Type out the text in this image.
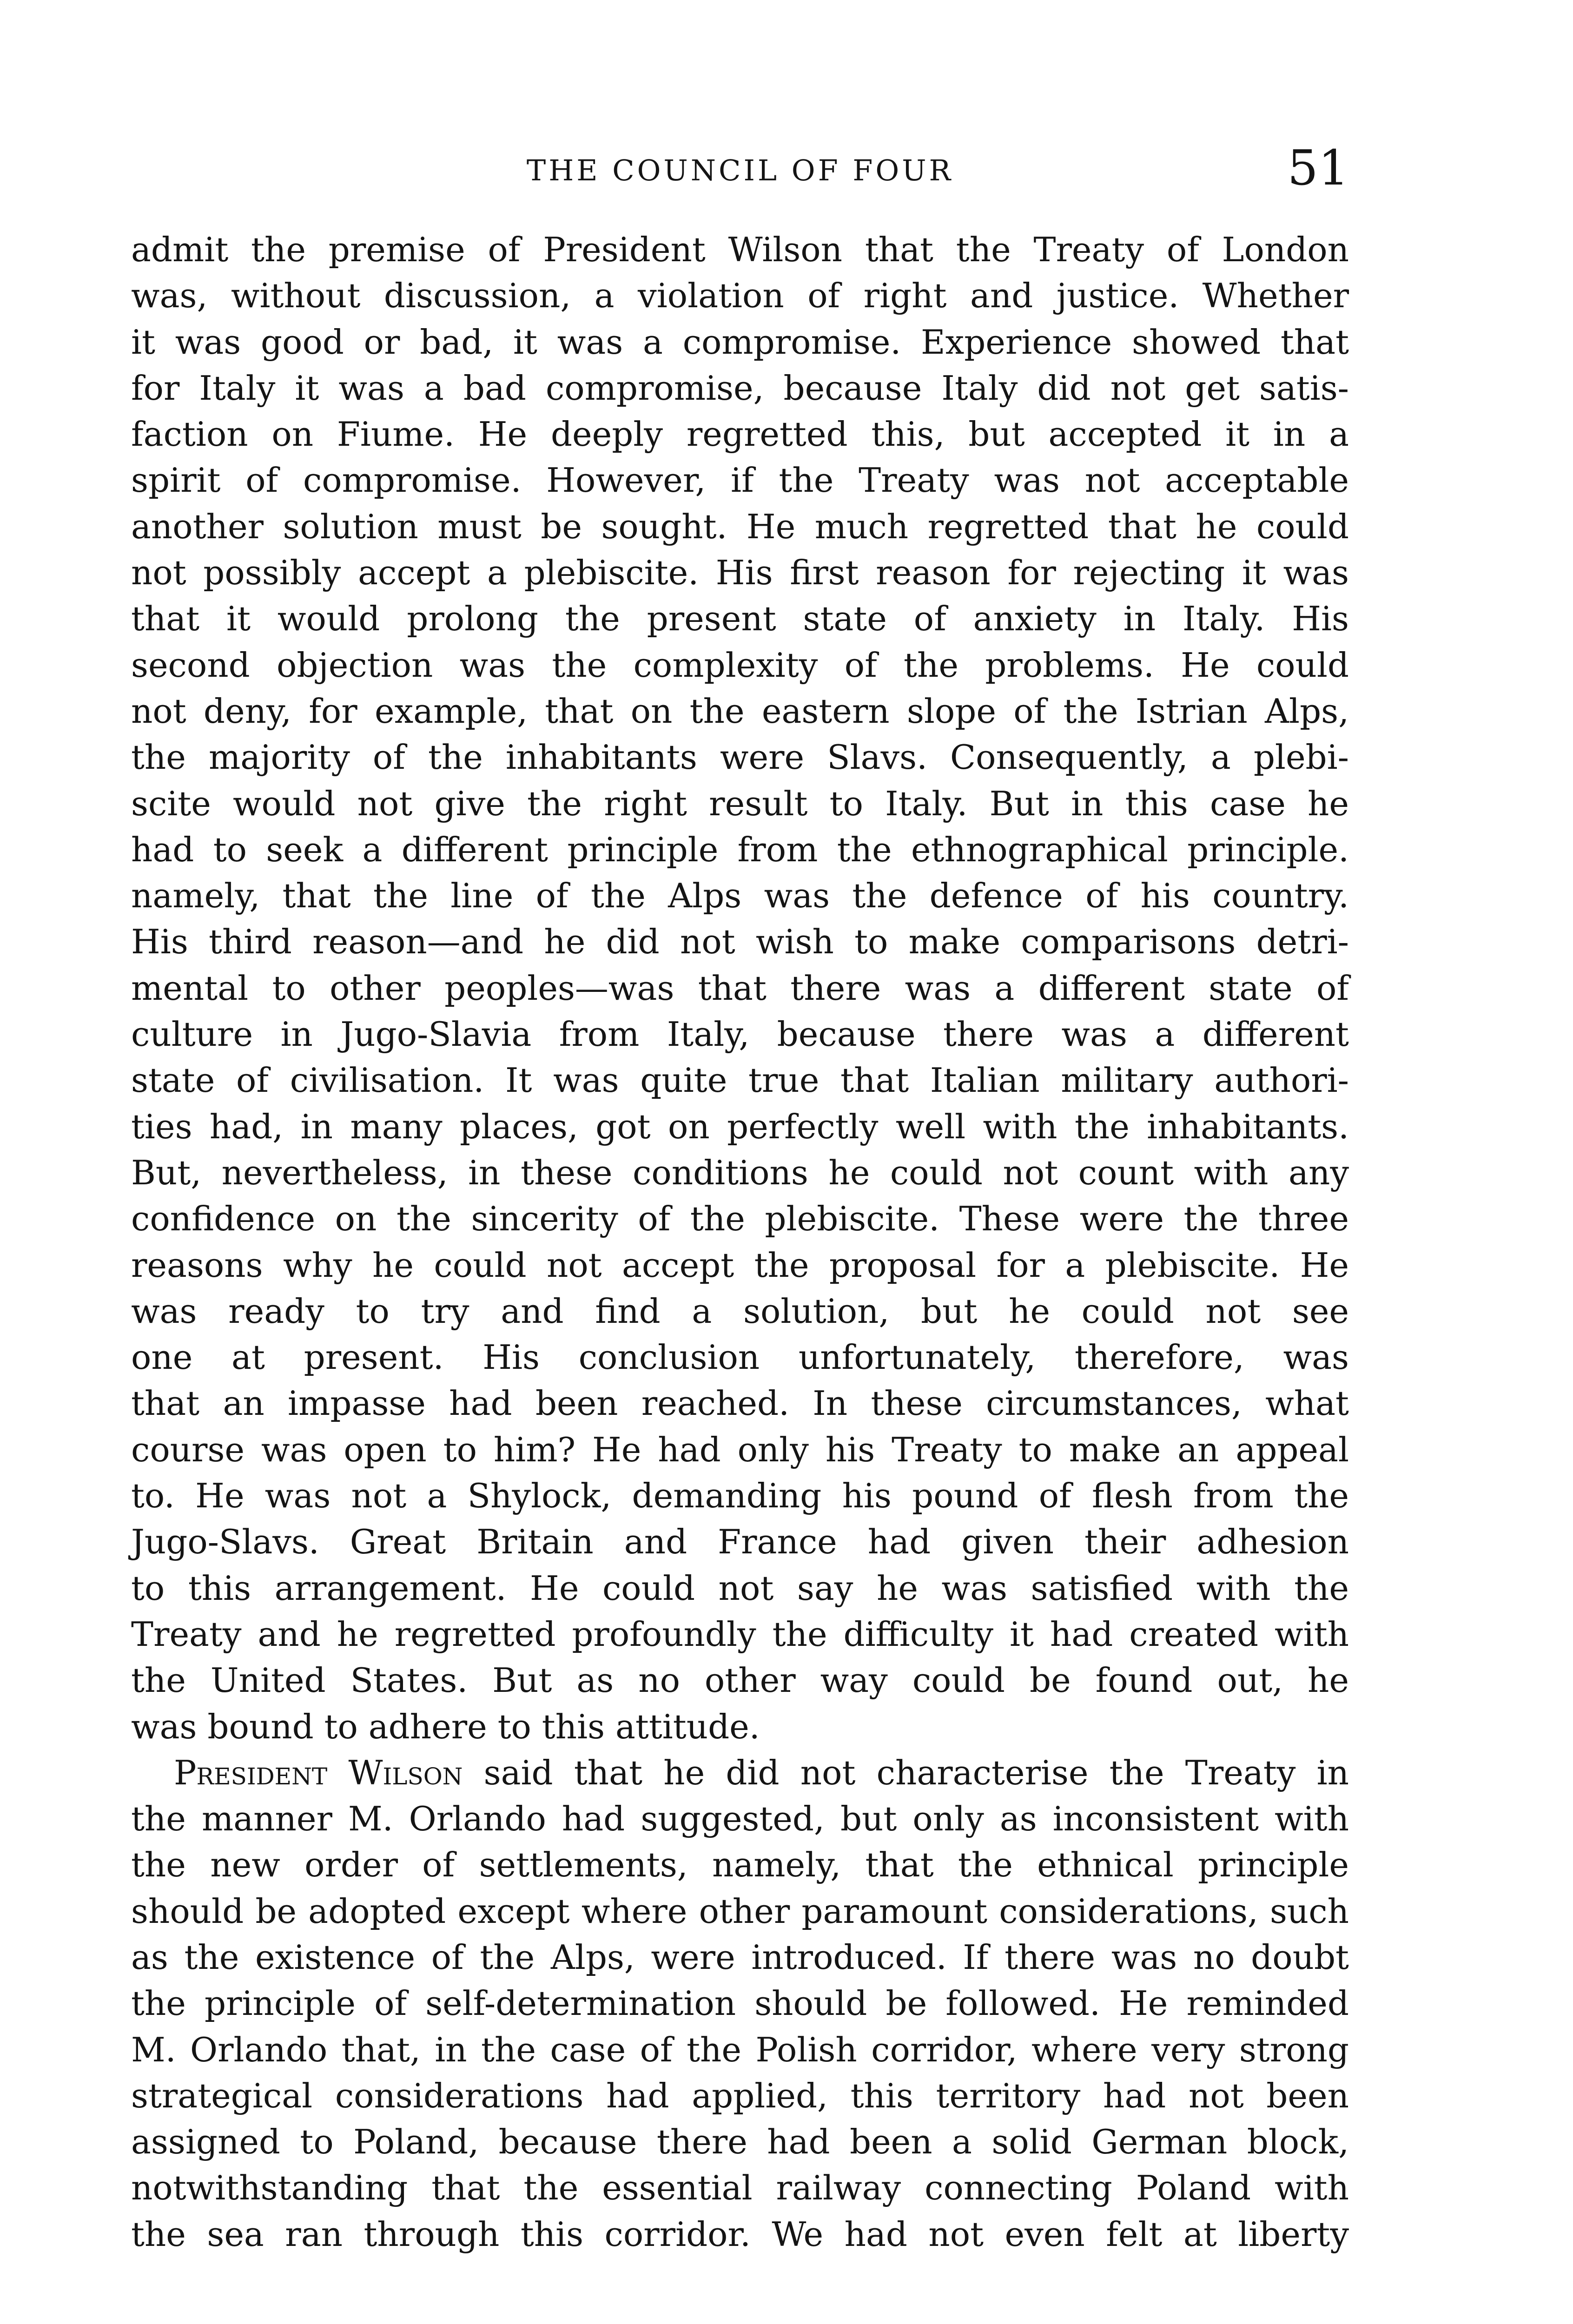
THE COUNCIL OF FOUR	51
admit the premise of President Wilson that the Treaty of London
was, without discussion, a violation of right and justice. Whether
it was good or bad, it was a compromise. Experience showed that
for Italy it was a bad compromise, because Italy did not get satis-
faction on Fiume. He deeply regretted this, but accepted it in a
spirit of compromise. However, if the Treaty was not acceptable
another solution must be sought. He much regretted that he could
not possibly accept a plebiscite. His first reason for rejecting it was
that it would prolong the present state of anxiety in Italy. His
second objection was the complexity of the problems. He could
not deny, for example, that on the eastern slope of the Istrian Alps,
the majority of the inhabitants were Slavs. Consequently, a plebi-
scite would not give the right result to Italy. But in this case he
had to seek a different principle from the ethnographical principle.
namely, that the line of the Alps was the defence of his country.
His third reason—and he did not wish to make comparisons detri-
mental to other peoples—was that there was a different state of
culture in Jugo-Slavia from Italy, because there was a different
state of civilisation. It was quite true that Italian military authori-
ties had, in many places, got on perfectly well with the inhabitants.
But, nevertheless, in these conditions he could not count with any
confidence on the sincerity of the plebiscite. These were the three
reasons why he could not accept the proposal for a plebiscite. He
was ready to try and find a solution, but he could not see
one at present. His conclusion unfortunately, therefore, was
that an impasse had been reached. In these circumstances, what
course was open to him? He had only his Treaty to make an appeal
to. He was not a Shylock, demanding his pound of flesh from the
Jugo-Slavs. Great Britain and France had given their adhesion
to this arrangement. He could not say he was satisfied with the
Treaty and he regretted profoundly the difficulty it had created with
the United States. But as no other way could be found out, he
was bound to adhere to this attitude.
President Wilson said that he did not characterise the Treaty in
the manner M. Orlando had suggested, but only as inconsistent with
the new order of settlements, namely, that the ethnical principle
should be adopted except where other paramount considerations, such
as the existence of the Alps, were introduced. If there was no doubt
the principle of self-determination should be followed. He reminded
M. Orlando that, in the case of the Polish corridor, where very strong
strategical considerations had applied, this territory had not been
assigned to Poland, because there had been a solid German block,
notwithstanding that the essential railway connecting Poland with
the sea ran through this corridor. We had not even felt at liberty
